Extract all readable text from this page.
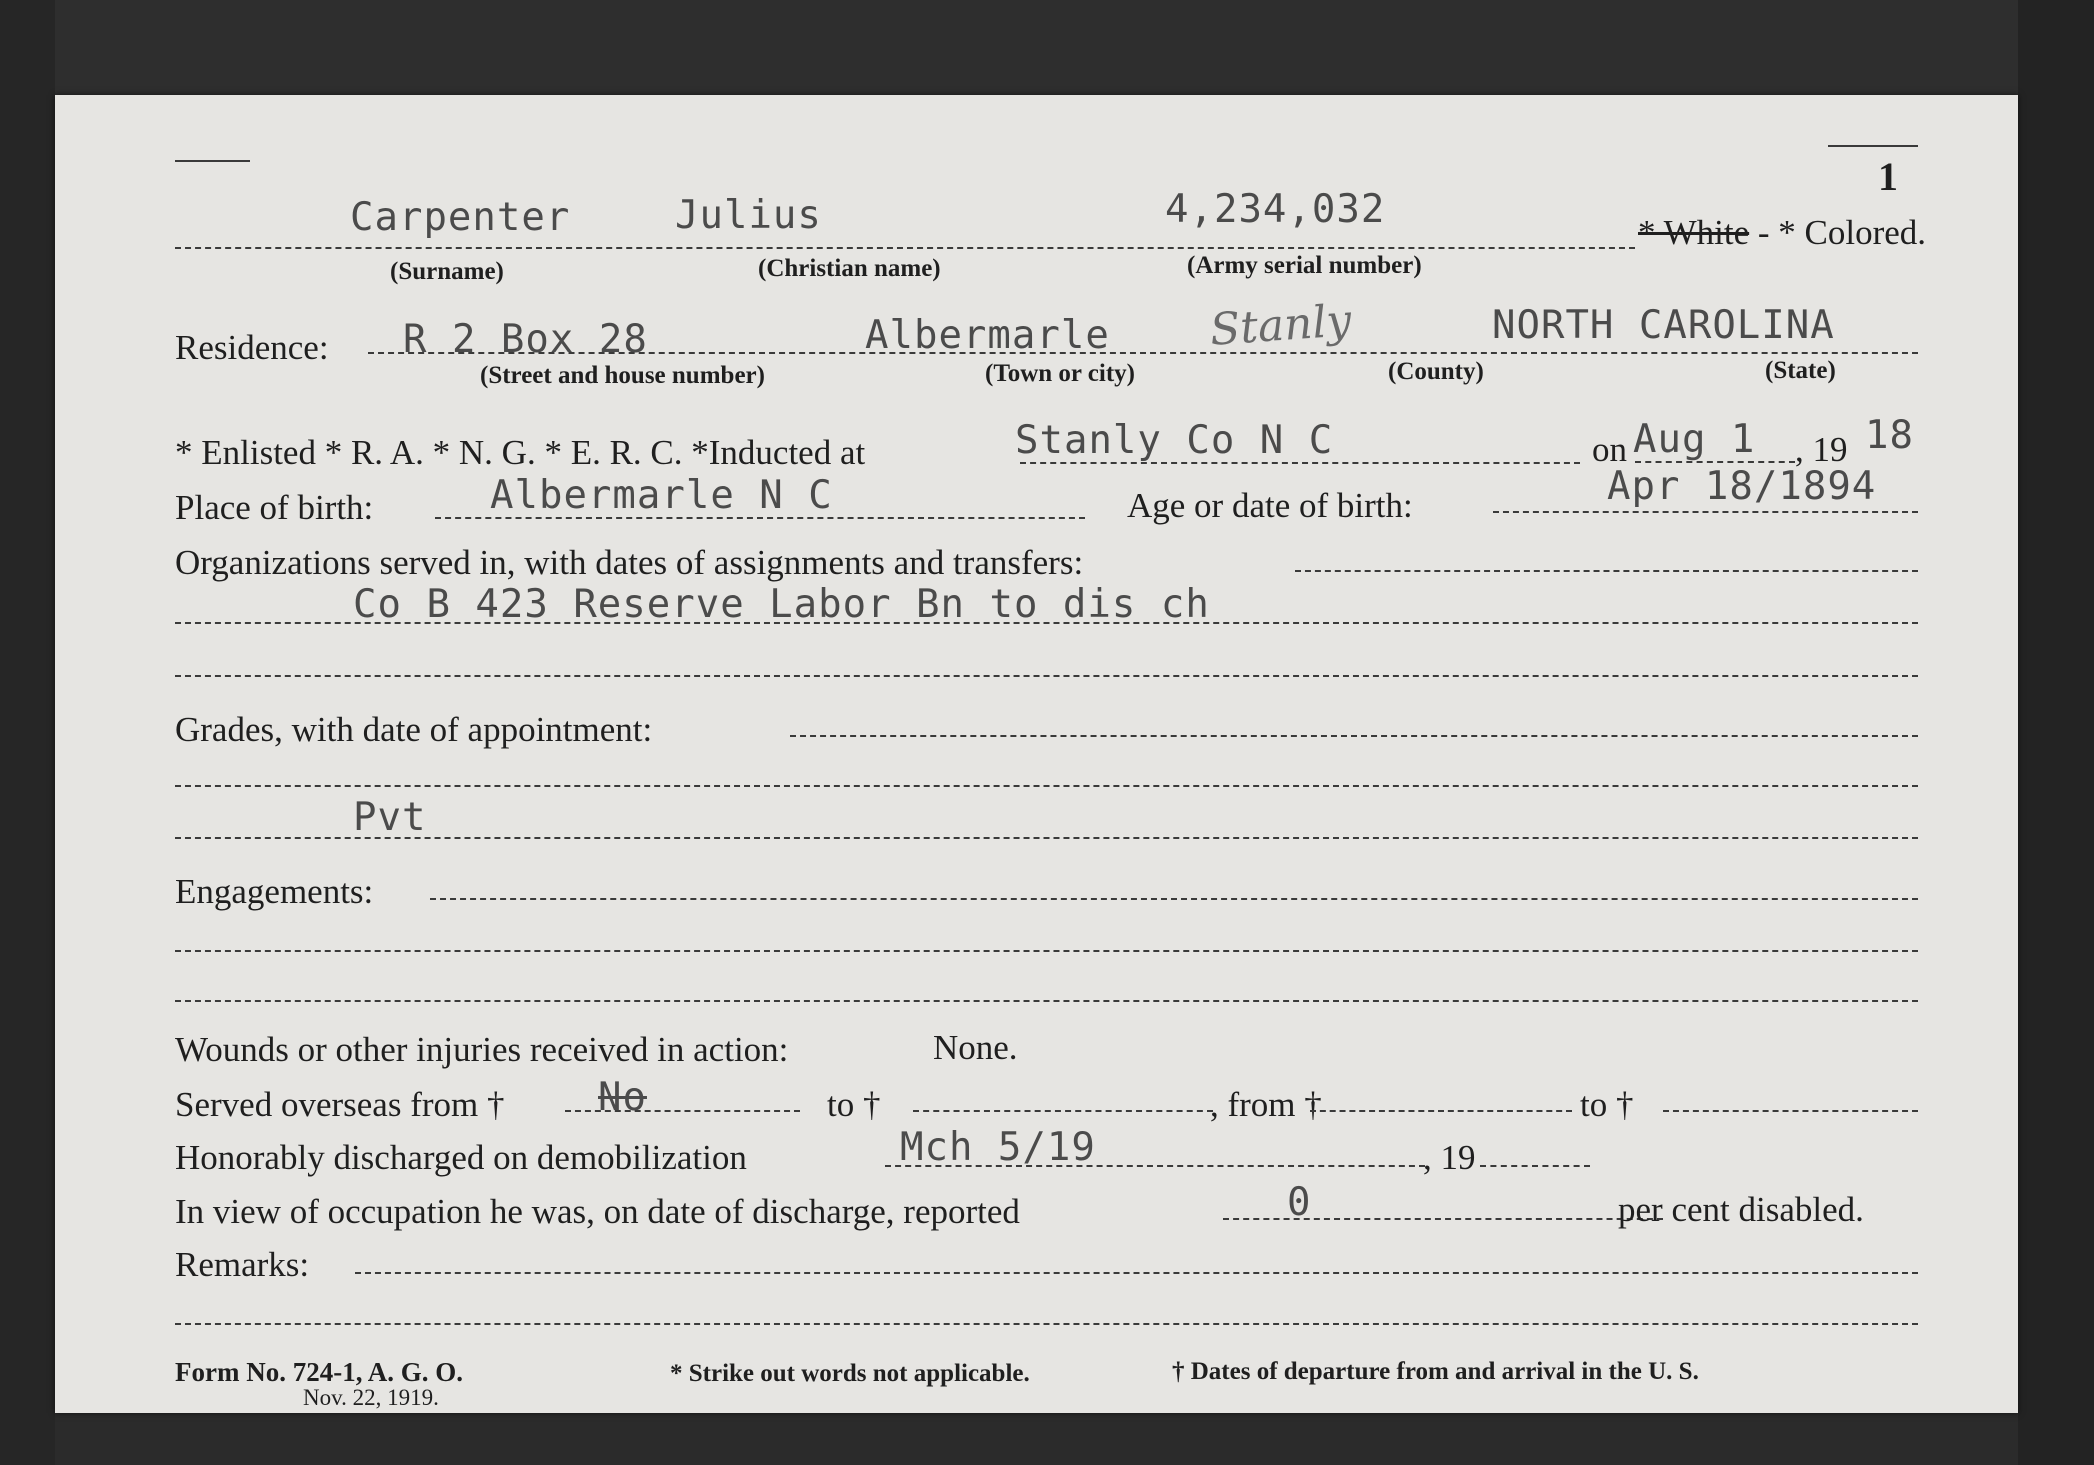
1
Carpenter	Julius	4,234,032
* White - * Colored.
(Surname)	(Christian name)	(Army serial number)
Residence: R 2 Box 28	Albermarle Stanly	NORTH CAROLINA
(Street and house number)	(Town or city)	(County)	(State)
* Enlisted * R. A. * N. G. * E. R. C. *Inducted at	Stanly Co N C	on Aug 1 , 19 18
Place of birth:	Albermarle N C	Age or date of birth:	Apr 18/1894
Organizations served in, with dates of assignments and transfers:
Co B 423 Reserve Labor Bn to dis ch
Grades, with date of appointment:
Pvt
Engagements:
Wounds or other injuries received in action:	None.
Served overseas from † No	to †	, from †	to †
Honorably discharged on demobilization	Mch 5/19	, 19
In view of occupation he was, on date of discharge, reported	0	per cent disabled.
Remarks:
Form No. 724-1, A. G. O.
Nov. 22, 1919.
* Strike out words not applicable.	† Dates of departure from and arrival in the U. S.
